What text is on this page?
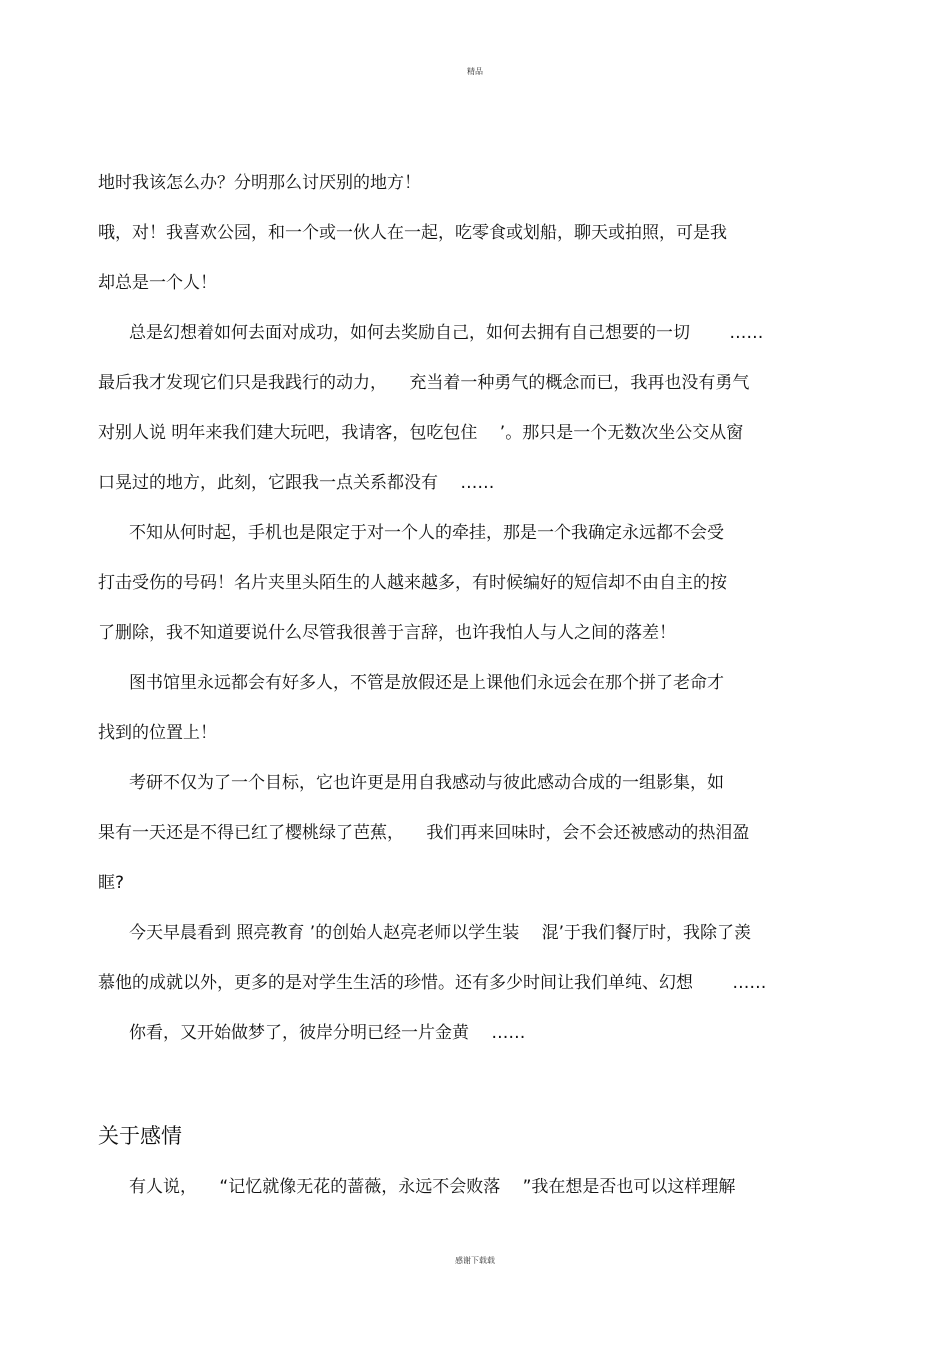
精品
地时我该怎么办？分明那么讨厌别的地方！
哦，对！我喜欢公园，和一个或一伙人在一起，吃零食或划船，聊天或拍照，可是我
却总是一个人！
总是幻想着如何去面对成功，如何去奖励自己，如何去拥有自己想要的一切 　　……
最后我才发现它们只是我践行的动力， 　充当着一种勇气的概念而已，我再也没有勇气
对别人说 明年来我们建大玩吧，我请客，包吃包住 　’。那只是一个无数次坐公交从窗
口晃过的地方，此刻，它跟我一点关系都没有 　……
不知从何时起，手机也是限定于对一个人的牵挂，那是一个我确定永远都不会受
打击受伤的号码！名片夹里头陌生的人越来越多，有时候编好的短信却不由自主的按
了删除，我不知道要说什么尽管我很善于言辞，也许我怕人与人之间的落差！
图书馆里永远都会有好多人，不管是放假还是上课他们永远会在那个拼了老命才
找到的位置上！
考研不仅为了一个目标，它也许更是用自我感动与彼此感动合成的一组影集，如
果有一天还是不得已红了樱桃绿了芭蕉， 　我们再来回味时，会不会还被感动的热泪盈
眶?
今天早晨看到 照亮教育 ’的创始人赵亮老师以学生装 　混’于我们餐厅时，我除了羡
慕他的成就以外，更多的是对学生生活的珍惜。还有多少时间让我们单纯、幻想 　　……
你看，又开始做梦了，彼岸分明已经一片金黄 　……
关于感情
有人说， 　“记忆就像无花的蔷薇，永远不会败落 　”我在想是否也可以这样理解
感谢下载载
